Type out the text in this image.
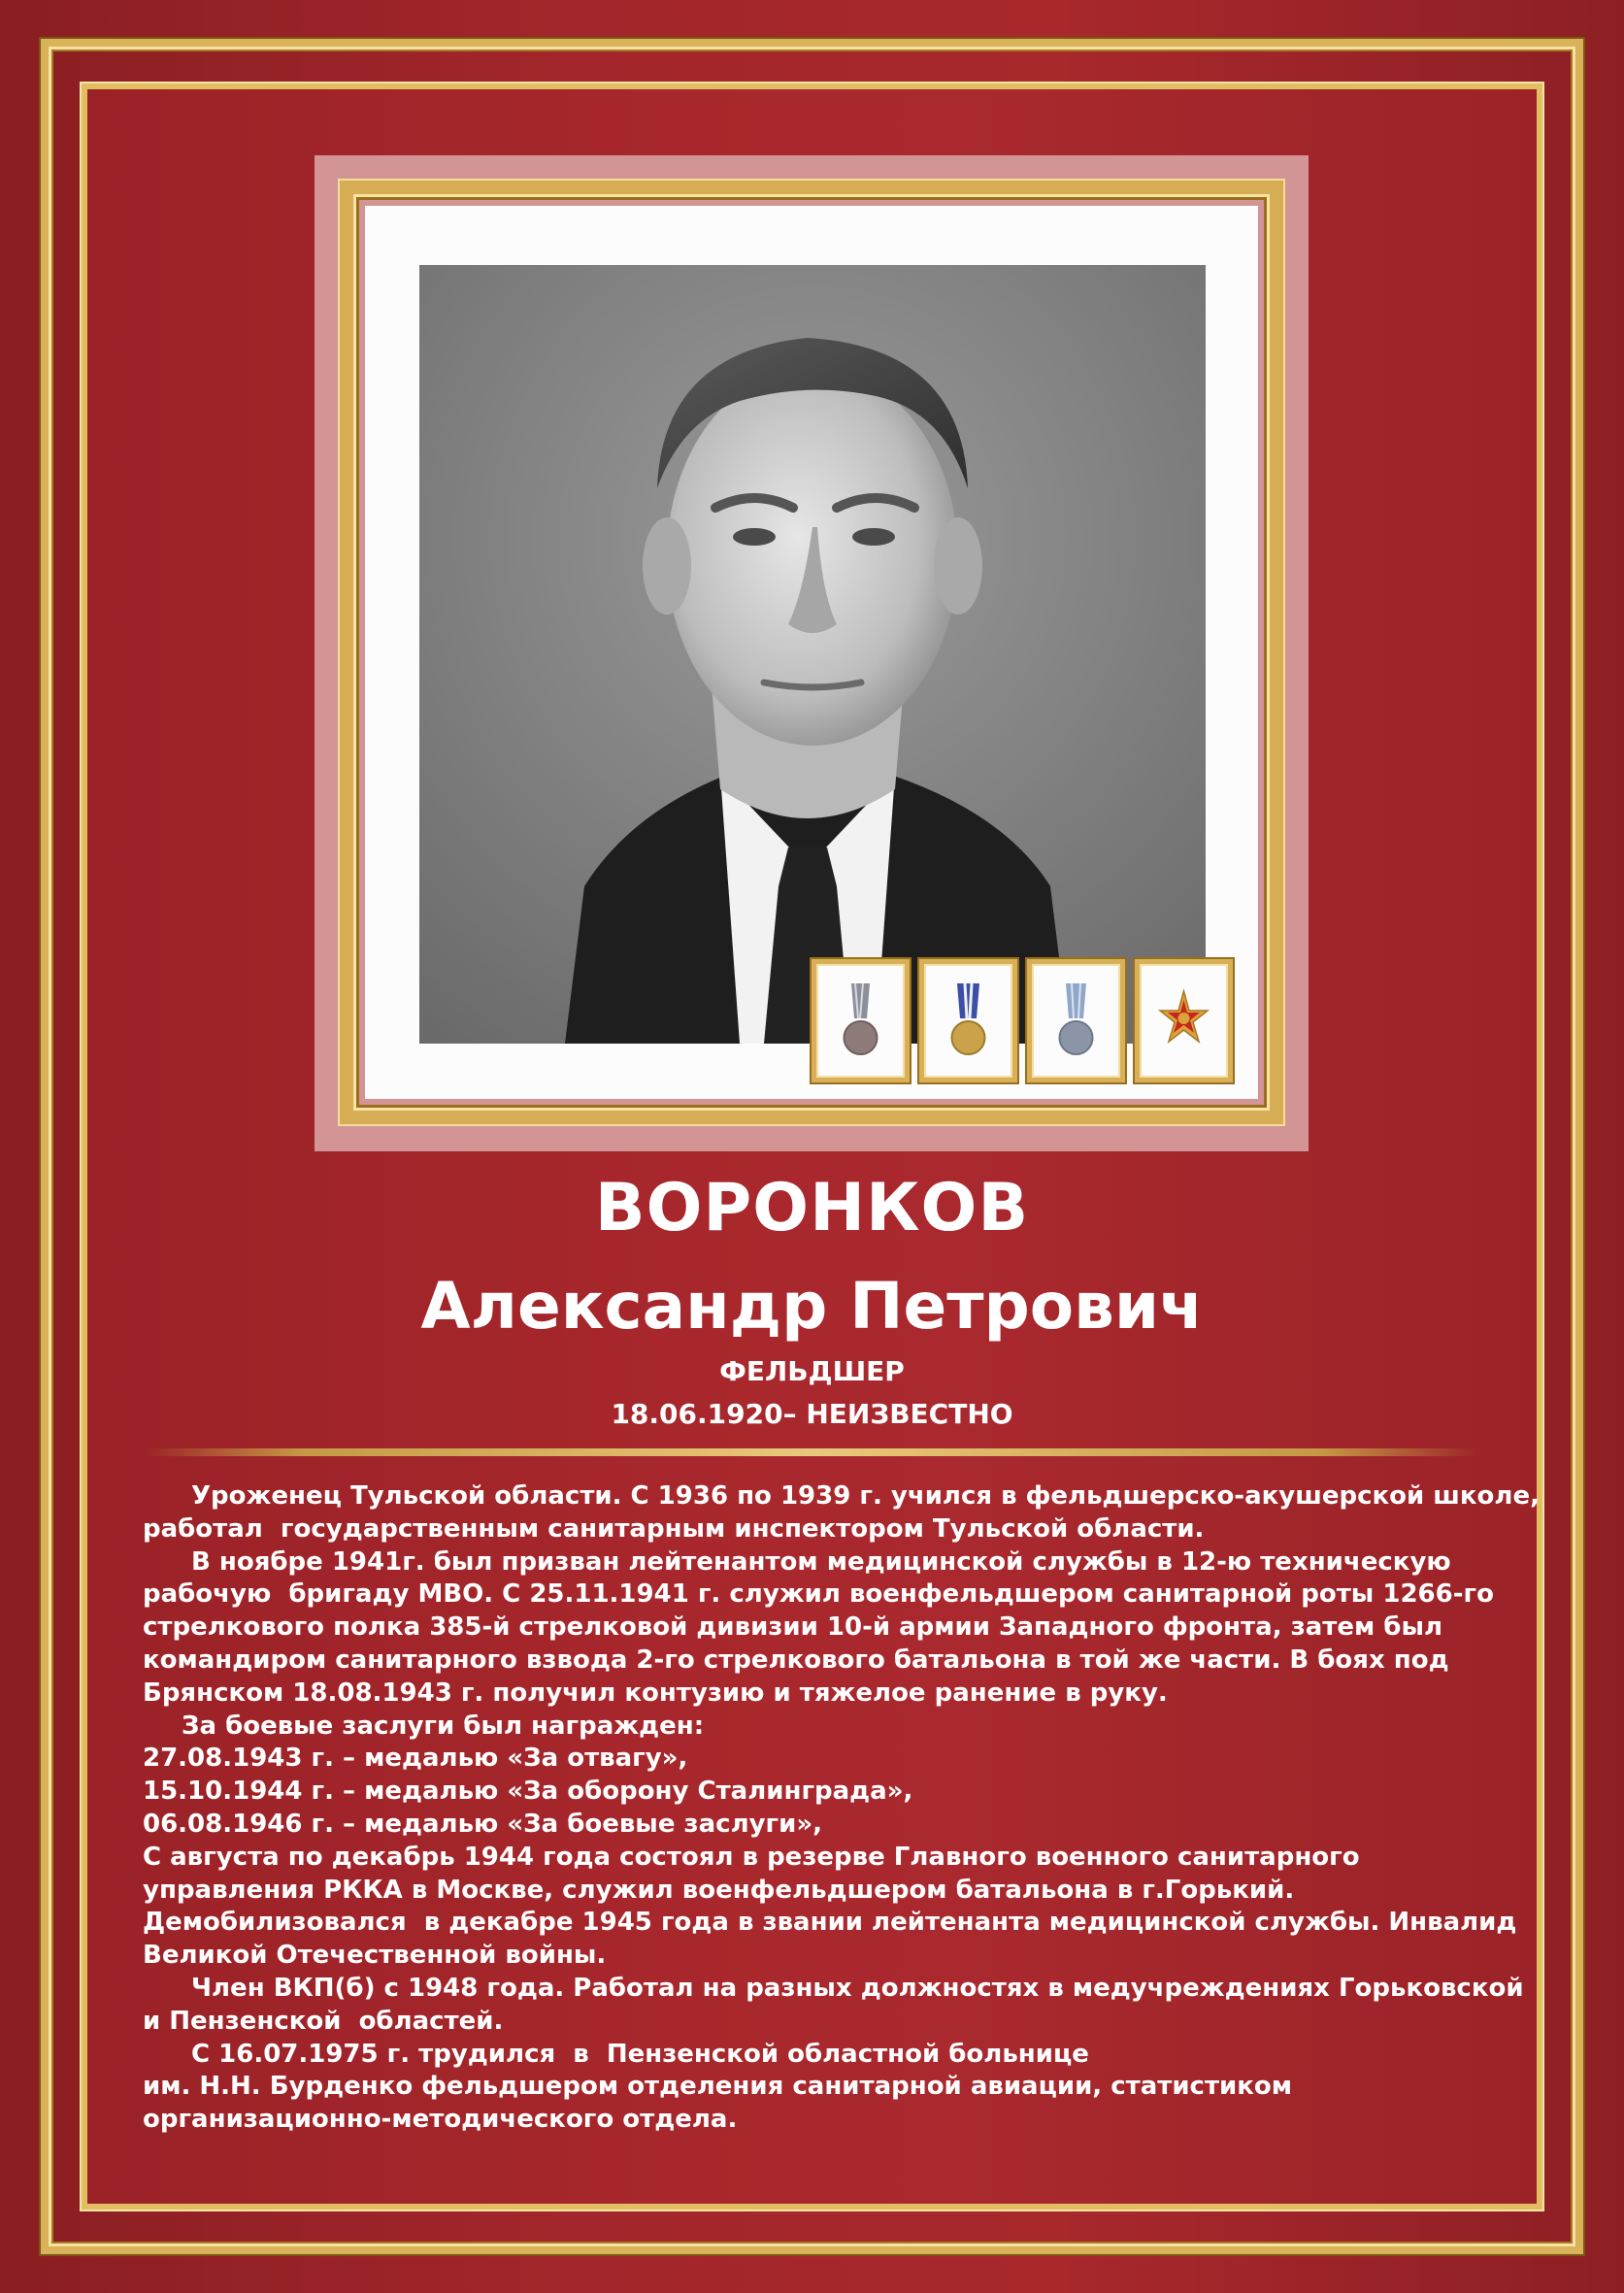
ВОРОНКОВ
Александр Петрович
ФЕЛЬДШЕР
18.06.1920– НЕИЗВЕСТНО

Уроженец Тульской области. С 1936 по 1939 г. учился в фельдшерско-акушерской школе,

работал  государственным санитарным инспектором Тульской области.

В ноябре 1941г. был призван лейтенантом медицинской службы в 12-ю техническую

рабочую  бригаду МВО. С 25.11.1941 г. служил военфельдшером санитарной роты 1266-го

стрелкового полка 385-й стрелковой дивизии 10-й армии Западного фронта, затем был

командиром санитарного взвода 2-го стрелкового батальона в той же части. В боях под

Брянском 18.08.1943 г. получил контузию и тяжелое ранение в руку.

За боевые заслуги был награжден:

27.08.1943 г. – медалью «За отвагу»,

15.10.1944 г. – медалью «За оборону Сталинграда»,

06.08.1946 г. – медалью «За боевые заслуги»,

С августа по декабрь 1944 года состоял в резерве Главного военного санитарного

управления РККА в Москве, служил военфельдшером батальона в г.Горький.

Демобилизовался  в декабре 1945 года в звании лейтенанта медицинской службы. Инвалид

Великой Отечественной войны.

Член ВКП(б) с 1948 года. Работал на разных должностях в медучреждениях Горьковской

и Пензенской  областей.

С 16.07.1975 г. трудился  в  Пензенской областной больнице

им. Н.Н. Бурденко фельдшером отделения санитарной авиации, статистиком

организационно-методического отдела.
